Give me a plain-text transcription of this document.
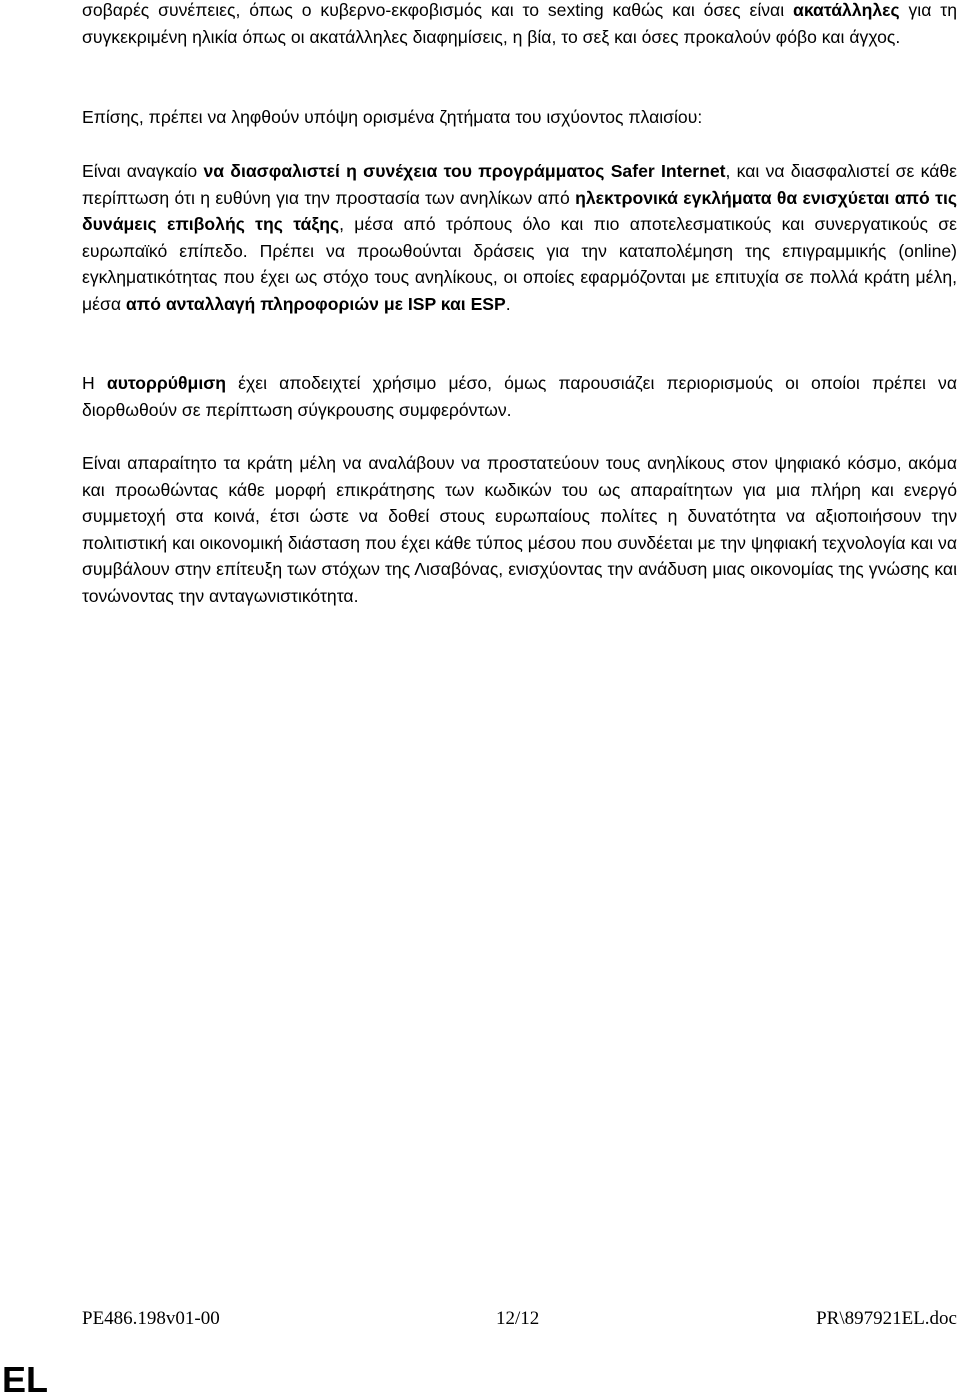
σοβαρές συνέπειες, όπως ο κυβερνο-εκφοβισμός και το sexting καθώς και όσες είναι ακατάλληλες για τη συγκεκριμένη ηλικία όπως οι ακατάλληλες διαφημίσεις, η βία, το σεξ και όσες προκαλούν φόβο και άγχος.

Επίσης, πρέπει να ληφθούν υπόψη ορισμένα ζητήματα του ισχύοντος πλαισίου:

Είναι αναγκαίο να διασφαλιστεί η συνέχεια του προγράμματος Safer Internet, και να διασφαλιστεί σε κάθε περίπτωση ότι η ευθύνη για την προστασία των ανηλίκων από ηλεκτρονικά εγκλήματα θα ενισχύεται από τις δυνάμεις επιβολής της τάξης, μέσα από τρόπους όλο και πιο αποτελεσματικούς και συνεργατικούς σε ευρωπαϊκό επίπεδο. Πρέπει να προωθούνται δράσεις για την καταπολέμηση της επιγραμμικής (online) εγκληματικότητας που έχει ως στόχο τους ανηλίκους, οι οποίες εφαρμόζονται με επιτυχία σε πολλά κράτη μέλη, μέσα από ανταλλαγή πληροφοριών με ISP και ESP.

Η αυτορρύθμιση έχει αποδειχτεί χρήσιμο μέσο, όμως παρουσιάζει περιορισμούς οι οποίοι πρέπει να διορθωθούν σε περίπτωση σύγκρουσης συμφερόντων.

Είναι απαραίτητο τα κράτη μέλη να αναλάβουν να προστατεύουν τους ανηλίκους στον ψηφιακό κόσμο, ακόμα και προωθώντας κάθε μορφή επικράτησης των κωδικών του ως απαραίτητων για μια πλήρη και ενεργό συμμετοχή στα κοινά, έτσι ώστε να δοθεί στους ευρωπαίους πολίτες η δυνατότητα να αξιοποιήσουν την πολιτιστική και οικονομική διάσταση που έχει κάθε τύπος μέσου που συνδέεται με την ψηφιακή τεχνολογία και να συμβάλουν στην επίτευξη των στόχων της Λισαβόνας, ενισχύοντας την ανάδυση μιας οικονομίας της γνώσης και τονώνοντας την ανταγωνιστικότητα.

PE486.198v01-00	12/12	PR\897921EL.doc
EL
